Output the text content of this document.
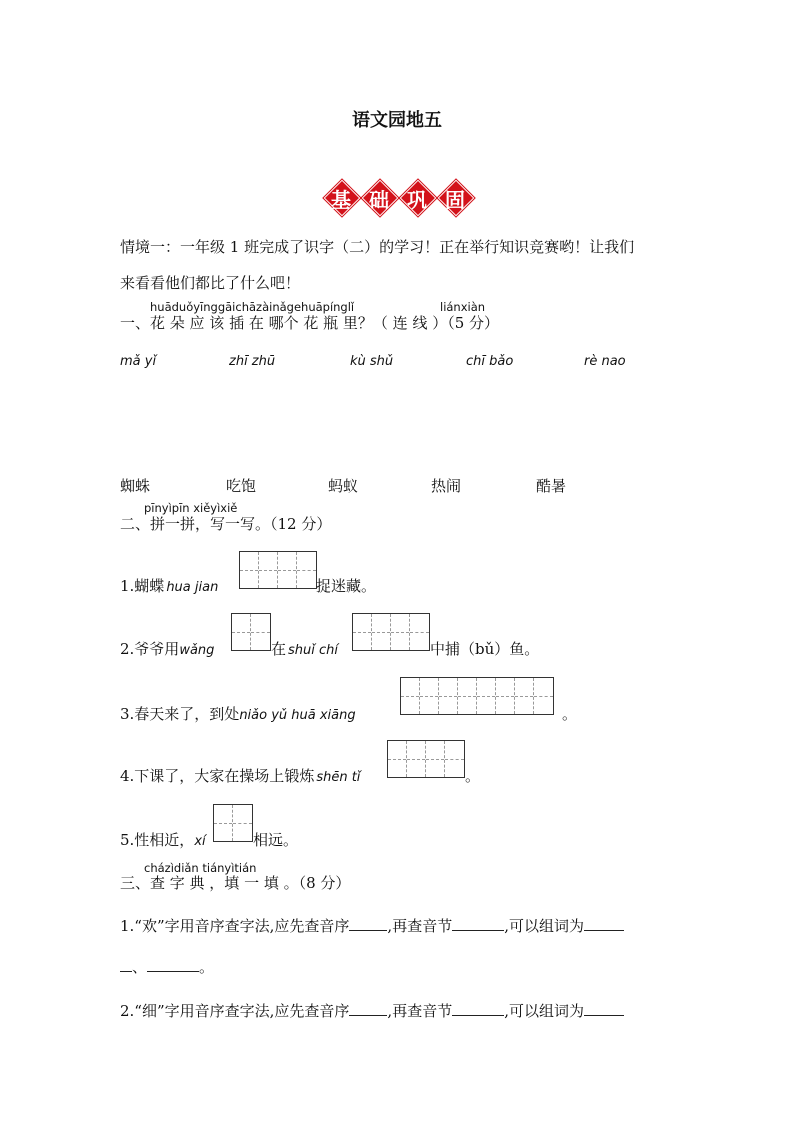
语文园地五
基 础 巩 固
情境一：一年级 1 班完成了识字（二）的学习！正在举行知识竞赛哟！让我们
来看看他们都比了什么吧！
huāduǒyīnggāichāzàinǎgehuāpínglǐ	liánxiàn
一、花 朵 应 该 插 在 哪个 花 瓶 里？（ 连 线 ）（5 分）
mǎ yǐ	zhī zhū	kù shǔ	chī bǎo	rè nao
蜘蛛	吃饱	蚂蚁	热闹	酷暑
pīnyìpīn xiěyìxiě
二、拼一拼，写一写。（12 分）
1.蝴蝶 hua jian	捉迷藏。
2.爷爷用wǎng	在 shuǐ chí	中捕（bǔ）鱼。
3.春天来了，到处niǎo yǔ huā xiāng	。
4.下课了，大家在操场上锻炼 shēn tǐ	。
5.性相近，xí	相远。
cházìdiǎn tiányìtián
三、查 字 典 ，填 一 填 。（8 分）
1.“欢”字用音序查字法,应先查音序	,再查音节	,可以组词为
、	。
2.“细”字用音序查字法,应先查音序	,再查音节	,可以组词为
